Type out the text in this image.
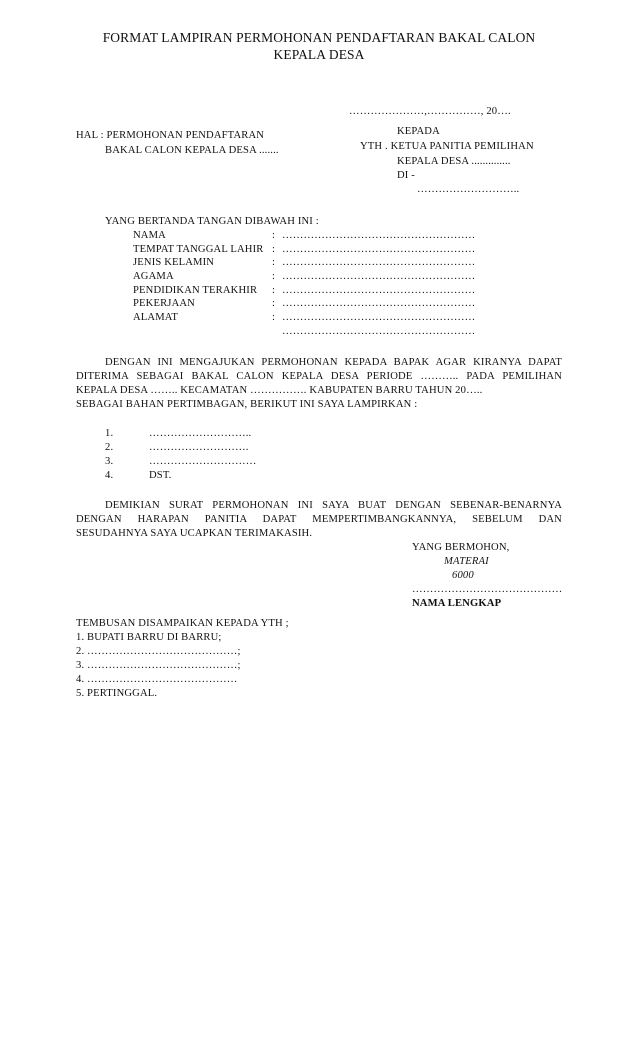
FORMAT LAMPIRAN PERMOHONAN PENDAFTARAN BAKAL CALON
KEPALA DESA
…………………,……………, 20….
HAL : PERMOHONAN PENDAFTARAN
BAKAL CALON KEPALA DESA .......
KEPADA
YTH . KETUA PANITIA PEMILIHAN
KEPALA DESA ..............
DI -
………………………..
YANG BERTANDA TANGAN DIBAWAH INI :
NAMA	: ………………………………………………
TEMPAT TANGGAL LAHIR : ………………………………………………
JENIS KELAMIN	: ………………………………………………
AGAMA	: ………………………………………………
PENDIDIKAN TERAKHIR : ………………………………………………
PEKERJAAN	: ………………………………………………
ALAMAT	: ………………………………………………
………………………………………………
DENGAN INI MENGAJUKAN PERMOHONAN KEPADA BAPAK AGAR KIRANYA DAPAT
DITERIMA SEBAGAI BAKAL CALON KEPALA DESA PERIODE ……….. PADA PEMILIHAN
KEPALA DESA …….. KECAMATAN ……………. KABUPATEN BARRU TAHUN 20…..
SEBAGAI BAHAN PERTIMBAGAN, BERIKUT INI SAYA LAMPIRKAN :
1.	………………………..
2.	……………………….
3.	…………………………
4.	DST.
DEMIKIAN SURAT PERMOHONAN INI SAYA BUAT DENGAN SEBENAR-BENARNYA
DENGAN HARAPAN PANITIA DAPAT MEMPERTIMBANGKANNYA, SEBELUM DAN
SESUDAHNYA SAYA UCAPKAN TERIMAKASIH.
YANG BERMOHON,
MATERAI
6000
……………………………………
NAMA LENGKAP
TEMBUSAN DISAMPAIKAN KEPADA YTH ;
1. BUPATI BARRU DI BARRU;
2. ……………………………………;
3. ……………………………………;
4. ……………………………………
5. PERTINGGAL.
